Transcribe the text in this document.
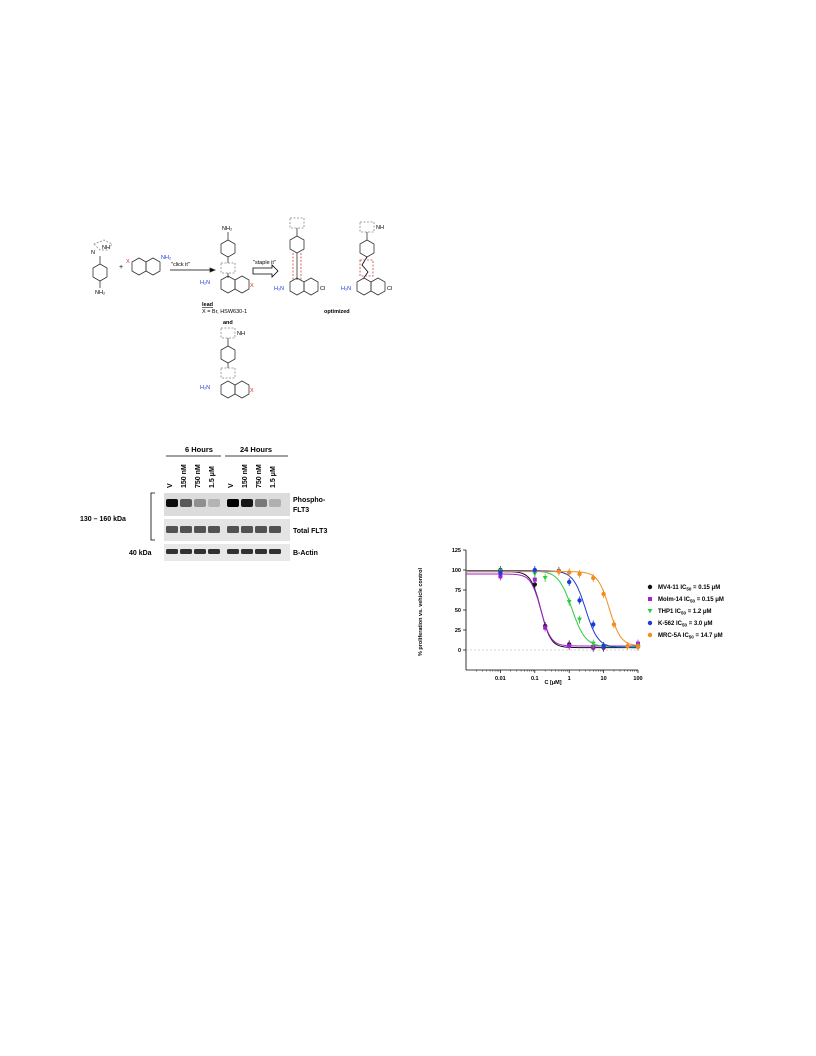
NH
N
NH₂
+
X
NH₂
"click it"
NH₂
H₂N	X
"staple it"
H₂N	Cl
NH
H₂N	Cl
lead
X = Br, HSW630-1	optimized
and
NH
H₂N	X
6 Hours	24 Hours
V 150 nM 750 nM 1.5 μM V 150 nM 750 nM 1.5 μM
130 – 160 kDa
40 kDa
Phospho-
FLT3
Total FLT3
B-Actin	125
100
75
50
25
0
0.01	0.1	1	10	100
MV4-11 $IC_{50} = 0.15$ μM
Molm-14 $IC_{50} = 0.15$ μM
THP1 $IC_{50} = 1.2$ μM
K-562 $IC_{50} = 3.0$ μM
MRC-5A $IC_{50} = 14.7$ μM
% proliferation vs. vehicle control
C [μM]
